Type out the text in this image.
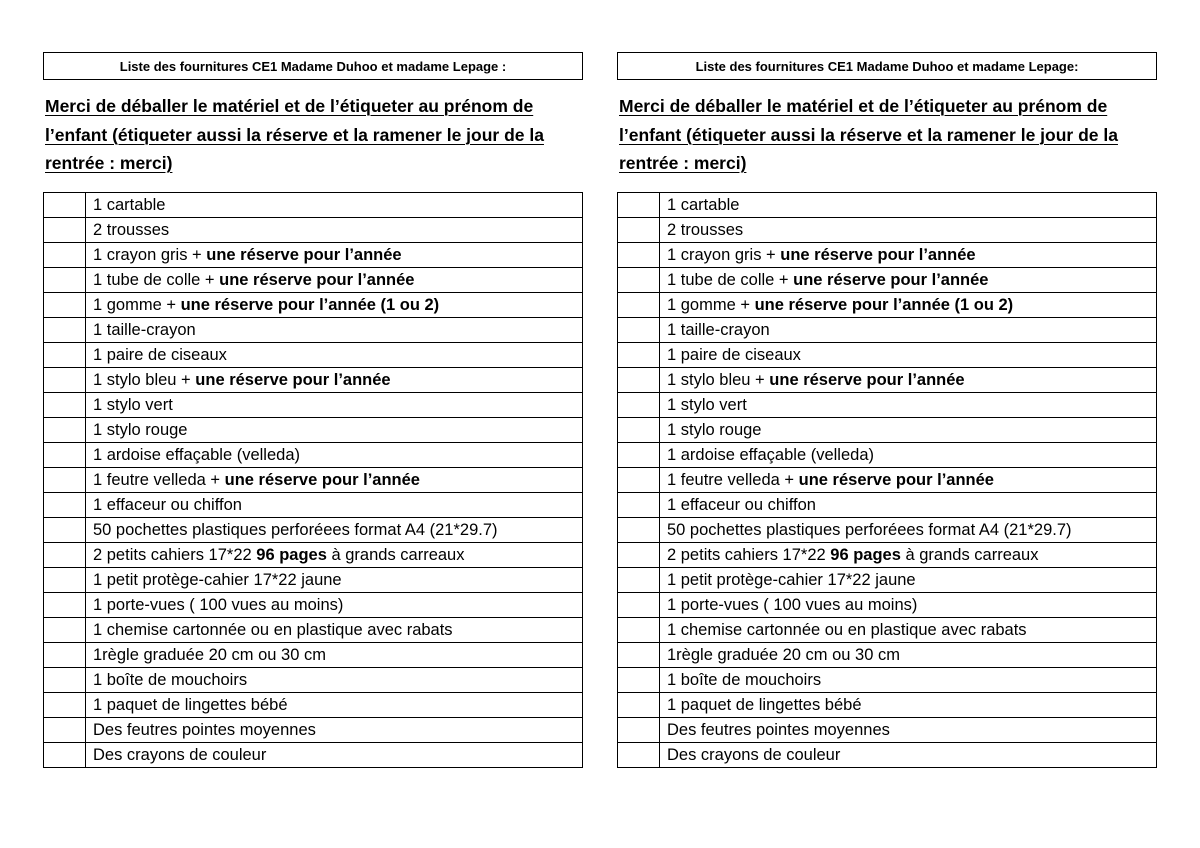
Liste des fournitures CE1 Madame Duhoo et madame Lepage :
Merci de déballer le matériel et de l’étiqueter au prénom de
l’enfant (étiqueter aussi la réserve et la ramener le jour de la
rentrée : merci)
	1 cartable
	2 trousses
	1 crayon gris + une réserve pour l’année
	1 tube de colle + une réserve pour l’année
	1 gomme + une réserve pour l’année (1 ou 2)
	1 taille-crayon
	1 paire de ciseaux
	1 stylo bleu + une réserve pour l’année
	1 stylo vert
	1 stylo rouge
	1 ardoise effaçable (velleda)
	1 feutre velleda + une réserve pour l’année
	1 effaceur ou chiffon
	50 pochettes plastiques perforéees format A4 (21*29.7)
	2 petits cahiers 17*22 96 pages à grands carreaux
	1 petit protège-cahier 17*22 jaune
	1 porte-vues ( 100 vues au moins)
	1 chemise cartonnée ou en plastique avec rabats
	1règle graduée 20 cm ou 30 cm
	1 boîte de mouchoirs
	1 paquet de lingettes bébé
	Des feutres pointes moyennes
	Des crayons de couleur
Liste des fournitures CE1 Madame Duhoo et madame Lepage:
Merci de déballer le matériel et de l’étiqueter au prénom de
l’enfant (étiqueter aussi la réserve et la ramener le jour de la
rentrée : merci)
	1 cartable
	2 trousses
	1 crayon gris + une réserve pour l’année
	1 tube de colle + une réserve pour l’année
	1 gomme + une réserve pour l’année (1 ou 2)
	1 taille-crayon
	1 paire de ciseaux
	1 stylo bleu + une réserve pour l’année
	1 stylo vert
	1 stylo rouge
	1 ardoise effaçable (velleda)
	1 feutre velleda + une réserve pour l’année
	1 effaceur ou chiffon
	50 pochettes plastiques perforéees format A4 (21*29.7)
	2 petits cahiers 17*22 96 pages à grands carreaux
	1 petit protège-cahier 17*22 jaune
	1 porte-vues ( 100 vues au moins)
	1 chemise cartonnée ou en plastique avec rabats
	1règle graduée 20 cm ou 30 cm
	1 boîte de mouchoirs
	1 paquet de lingettes bébé
	Des feutres pointes moyennes
	Des crayons de couleur
